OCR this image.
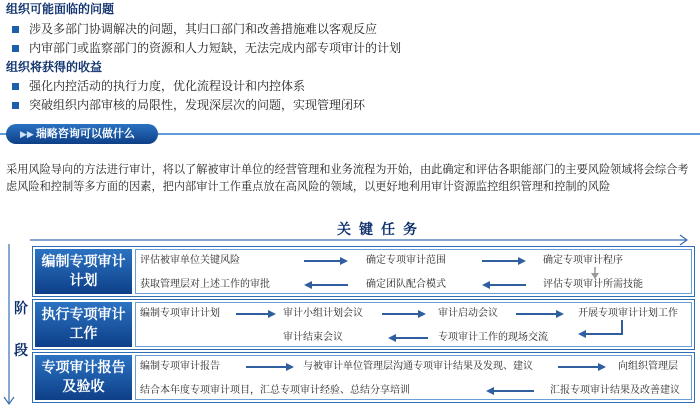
组织可能面临的问题
涉及多部门协调解决的问题，其归口部门和改善措施难以客观反应
内审部门或监察部门的资源和人力短缺，无法完成内部专项审计的计划
组织将获得的收益
强化内控活动的执行力度，优化流程设计和内控体系
突破组织内部审核的局限性，发现深层次的问题，实现管理闭环
▶▶ 瑞略咨询可以做什么
采用风险导向的方法进行审计，将以了解被审计单位的经营管理和业务流程为开始，由此确定和评估各职能部门的主要风险领域将会综合考虑风险和控制等多方面的因素，把内部审计工作重点放在高风险的领域，以更好地利用审计资源监控组织管理和控制的风险
关键任务
阶
段
编制专项审计计划
评估被审单位关键风险	确定专项审计范围	确定专项审计程序
获取管理层对上述工作的审批	确定团队配合模式	评估专项审计所需技能
执行专项审计工作
编制专项审计计划	审计小组计划会议	审计启动会议	开展专项审计计划工作
审计结束会议	专项审计工作的现场交流
专项审计报告及验收
编制专项审计报告	与被审计单位管理层沟通专项审计结果及发现、建议	向组织管理层
结合本年度专项审计项目，汇总专项审计经验、总结分享培训	汇报专项审计结果及改善建议
